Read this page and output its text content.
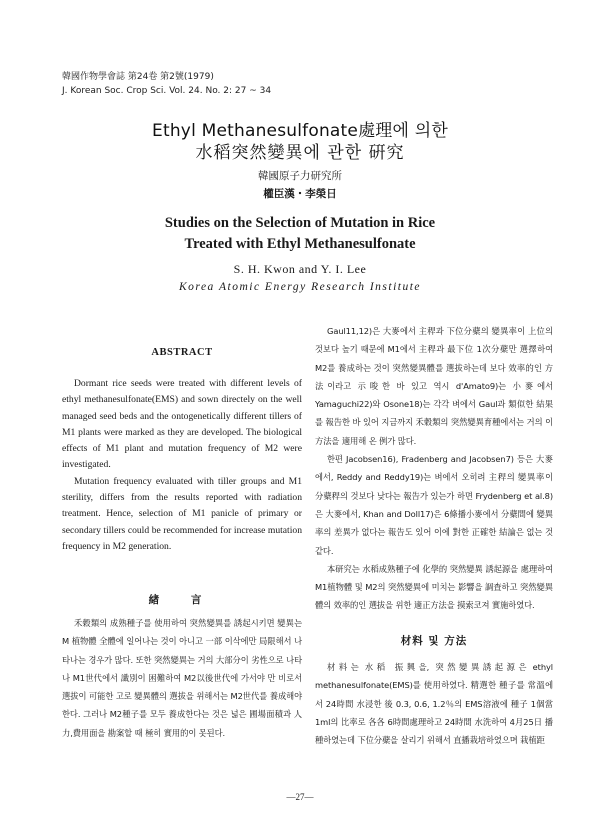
韓國作物學會誌 第24卷 第2號(1979)
J. Korean Soc. Crop Sci. Vol. 24. No. 2: 27 ~ 34
Ethyl Methanesulfonate處理에 의한
水稻突然變異에 관한 硏究
韓國原子力研究所
權臣漢・李榮日
Studies on the Selection of Mutation in Rice
Treated with Ethyl Methanesulfonate
S. H. Kwon and Y. I. Lee
Korea Atomic Energy Research Institute
ABSTRACT

Dormant rice seeds were treated with different levels of ethyl methanesulfonate(EMS) and sown directely on the well managed seed beds and the ontogenetically different tillers of M1 plants were marked as they are developed. The biological effects of M1 plant and mutation frequency of M2 were investigated.

Mutation frequency evaluated with tiller groups and M1 sterility, differs from the results reported with radiation treatment. Hence, selection of M1 panicle of primary or secondary tillers could be recommended for increase mutation frequency in M2 generation.

緖 言

禾穀類의 成熟種子를 使用하여 突然變異를 誘起시키면 變異는 M 植物體 全體에 일어나는 것이 아니고 一部 이삭에만 局限해서 나타나는 경우가 많다. 또한 突然變異는 거의 大部分이 劣性으로 나타나 M1世代에서 識別이 困難하여 M2以後世代에 가서야 만 비로서 選拔이 可能한 고로 變異體의 選拔을 위해서는 M2世代를 養成해야 한다. 그러나 M2種子를 모두 養成한다는 것은 넓은 圃場面積과 人力,費用面을 勘案할 때 極히 實用的이 못된다.

Gaul11,12)은 大麥에서 主稈과 下位分蘗의 變異率이 上位의 것보다 높기 때문에 M1에서 主稈과 最下位 1次分蘗만 選擇하여 M2를 養成하는 것이 突然變異體를 選拔하는데 보다 效率的인 方法이라고 示唆한 바 있고 역시 d'Amato9)는 小麥에서 Yamaguchi22)와 Osone18)는 각각 벼에서 Gaul과 類似한 結果를 報告한 바 있어 지금까지 禾穀類의 突然變異育種에서는 거의 이 方法을 適用해 온 例가 많다.

한편 Jacobsen16), Fradenberg and Jacobsen7) 등은 大麥에서, Reddy and Reddy19)는 벼에서 오히려 主稈의 變異率이 分蘗稈의 것보다 낮다는 報告가 있는가 하면 Frydenberg et al.8) 은 大麥에서, Khan and Doll17)은 6條播小麥에서 分蘗間에 變異率의 差異가 없다는 報告도 있어 이에 對한 正確한 結論은 없는 것 같다.

本研究는 水稻成熟種子에 化學的 突然變異 誘起源을 處理하여 M1植物體 및 M2의 突然變異에 미치는 影響을 調査하고 突然變異體의 效率的인 選拔을 위한 適正方法을 摸索코져 實施하였다.

材料 및 方法

材料는 水稻 振興을, 突然變異誘起源은 ethyl methanesulfonate(EMS)를 使用하였다. 精選한 種子를 常溫에서 24時間 水浸한 後 0.3, 0.6, 1.2％의 EMS溶液에 種子 1個當 1ml의 比率로 各各 6時間處理하고 24時間 水洗하여 4月25日 播種하였는데 下位分蘗을 살리기 위해서 直播栽培하였으며 栽植距

—27—
